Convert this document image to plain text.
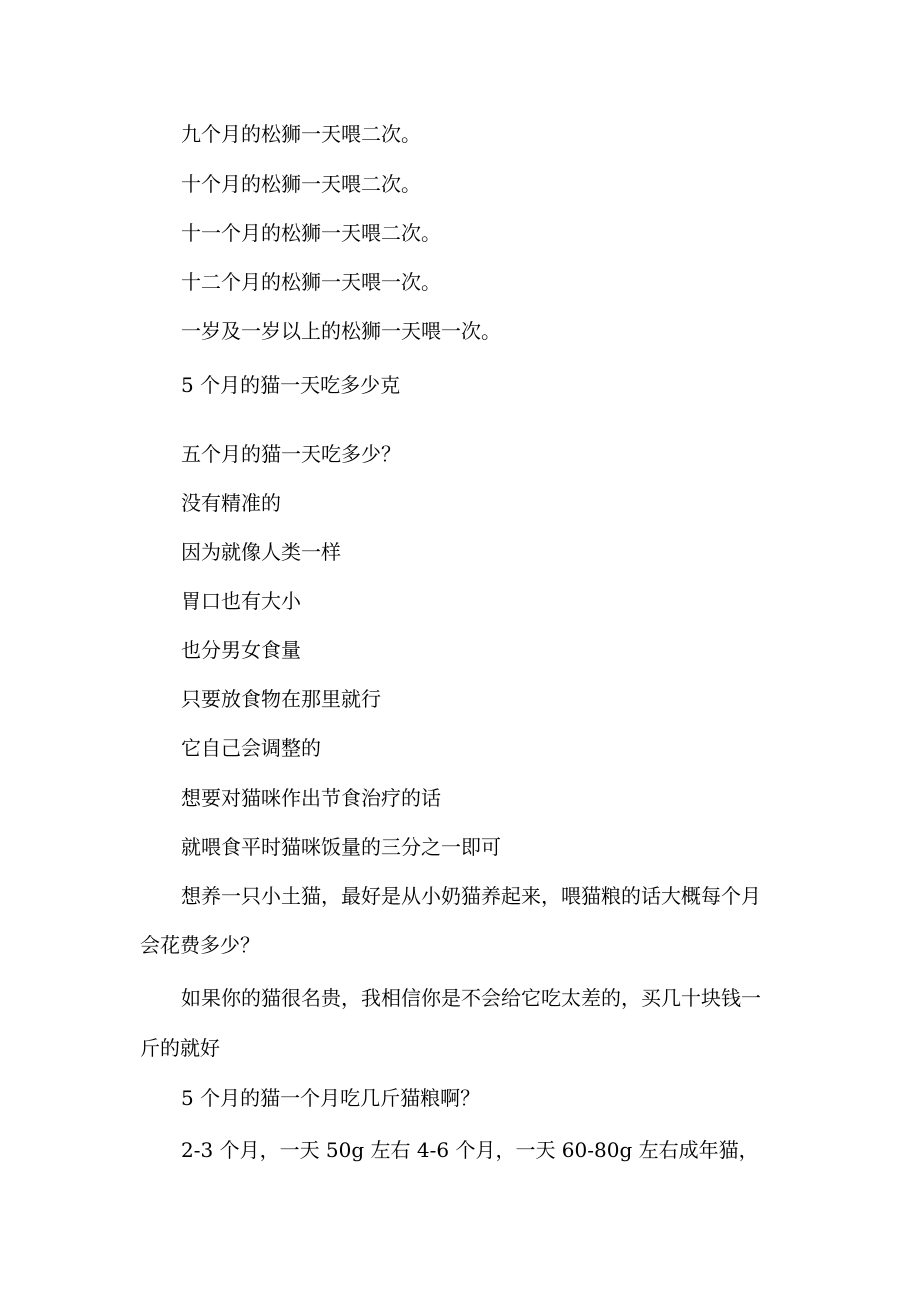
九个月的松狮一天喂二次。
十个月的松狮一天喂二次。
十一个月的松狮一天喂二次。
十二个月的松狮一天喂一次。
一岁及一岁以上的松狮一天喂一次。
5 个月的猫一天吃多少克
五个月的猫一天吃多少？
没有精准的
因为就像人类一样
胃口也有大小
也分男女食量
只要放食物在那里就行
它自己会调整的
想要对猫咪作出节食治疗的话
就喂食平时猫咪饭量的三分之一即可
想养一只小土猫，最好是从小奶猫养起来，喂猫粮的话大概每个月
会花费多少？
如果你的猫很名贵，我相信你是不会给它吃太差的，买几十块钱一
斤的就好
5 个月的猫一个月吃几斤猫粮啊？
2-3 个月，一天 50g 左右 4-6 个月，一天 60-80g 左右成年猫，
